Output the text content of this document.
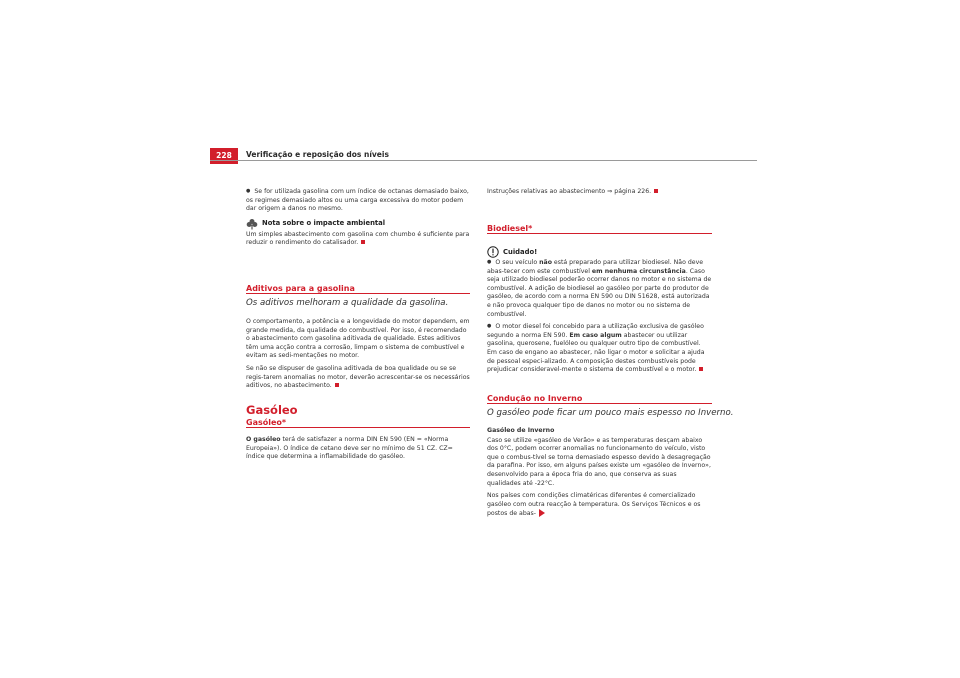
228	Verificação e reposição dos níveis

● Se for utilizada gasolina com um índice de octanas demasiado baixo, os regimes demasiado altos ou uma carga excessiva do motor podem dar origem a danos no mesmo.

Nota sobre o impacte ambiental

Um simples abastecimento com gasolina com chumbo é suficiente para reduzir o rendimento do catalisador.

Aditivos para a gasolina
Os aditivos melhoram a qualidade da gasolina.

O comportamento, a potência e a longevidade do motor dependem, em grande medida, da qualidade do combustível. Por isso, é recomendado o abastecimento com gasolina aditivada de qualidade. Estes aditivos têm uma acção contra a corrosão, limpam o sistema de combustível e evitam as sedi-mentações no motor.

Se não se dispuser de gasolina aditivada de boa qualidade ou se se regis-tarem anomalias no motor, deverão acrescentar-se os necessários aditivos, no abastecimento.

Gasóleo
Gasóleo*

O gasóleo terá de satisfazer a norma DIN EN 590 (EN = «Norma Europeia»). O índice de cetano deve ser no mínimo de 51 CZ. CZ= índice que determina a inflamabilidade do gasóleo.

Instruções relativas ao abastecimento ⇒ página 226.

Biodiesel*
Cuidado!

● O seu veículo não está preparado para utilizar biodiesel. Não deve abas-tecer com este combustível em nenhuma circunstância. Caso seja utilizado biodiesel poderão ocorrer danos no motor e no sistema de combustível. A adição de biodiesel ao gasóleo por parte do produtor de gasóleo, de acordo com a norma EN 590 ou DIN 51628, está autorizada e não provoca qualquer tipo de danos no motor ou no sistema de combustível.

● O motor diesel foi concebido para a utilização exclusiva de gasóleo segundo a norma EN 590. Em caso algum abastecer ou utilizar gasolina, querosene, fuelóleo ou qualquer outro tipo de combustível. Em caso de engano ao abastecer, não ligar o motor e solicitar a ajuda de pessoal especi-alizado. A composição destes combustíveis pode prejudicar consideravel-mente o sistema de combustível e o motor.

Condução no Inverno
O gasóleo pode ficar um pouco mais espesso no Inverno.
Gasóleo de Inverno

Caso se utilize «gasóleo de Verão» e as temperaturas desçam abaixo dos 0°C, podem ocorrer anomalias no funcionamento do veículo, visto que o combus-tível se torna demasiado espesso devido à desagregação da parafina. Por isso, em alguns países existe um «gasóleo de Inverno», desenvolvido para a época fria do ano, que conserva as suas qualidades até -22°C.

Nos países com condições climatéricas diferentes é comercializado gasóleo com outra reacção à temperatura. Os Serviços Técnicos e os postos de abas-
